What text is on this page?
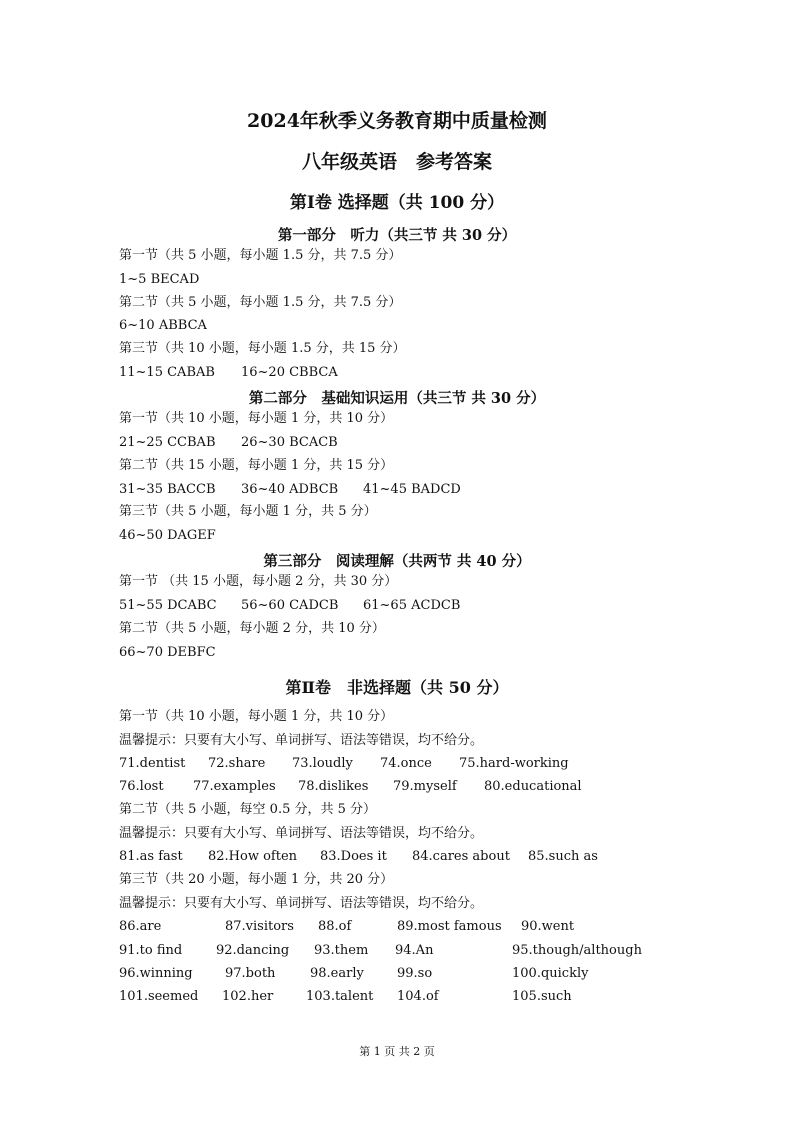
2024年秋季义务教育期中质量检测
八年级英语　参考答案
第Ⅰ卷 选择题（共 100 分）
第一部分　听力（共三节 共 30 分）
第一节（共 5 小题，每小题 1.5 分，共 7.5 分）
1~5 BECAD
第二节（共 5 小题，每小题 1.5 分，共 7.5 分）
6~10 ABBCA
第三节（共 10 小题，每小题 1.5 分，共 15 分）
11~15 CABAB 16~20 CBBCA
第二部分　基础知识运用（共三节 共 30 分）
第一节（共 10 小题，每小题 1 分，共 10 分）
21~25 CCBAB 26~30 BCACB
第二节（共 15 小题，每小题 1 分，共 15 分）
31~35 BACCB 36~40 ADBCB 41~45 BADCD
第三节（共 5 小题，每小题 1 分，共 5 分）
46~50 DAGEF
第三部分　阅读理解（共两节 共 40 分）
第一节 （共 15 小题，每小题 2 分，共 30 分）
51~55 DCABC 56~60 CADCB 61~65 ACDCB
第二节（共 5 小题，每小题 2 分，共 10 分）
66~70 DEBFC
第Ⅱ卷　非选择题（共 50 分）
第一节（共 10 小题，每小题 1 分，共 10 分）
温馨提示：只要有大小写、单词拼写、语法等错误，均不给分。
71.dentist 72.share 73.loudly 74.once 75.hard-working
76.lost 77.examples 78.dislikes 79.myself 80.educational
第二节（共 5 小题，每空 0.5 分，共 5 分）
温馨提示：只要有大小写、单词拼写、语法等错误，均不给分。
81.as fast 82.How often 83.Does it 84.cares about 85.such as
第三节（共 20 小题，每小题 1 分，共 20 分）
温馨提示：只要有大小写、单词拼写、语法等错误，均不给分。
86.are	87.visitors 88.of	89.most famous 90.went
91.to find	92.dancing 93.them 94.An	95.though/although
96.winning 97.both	98.early	99.so	100.quickly
101.seemed 102.her	103.talent 104.of	105.such
第 1 页 共 2 页
